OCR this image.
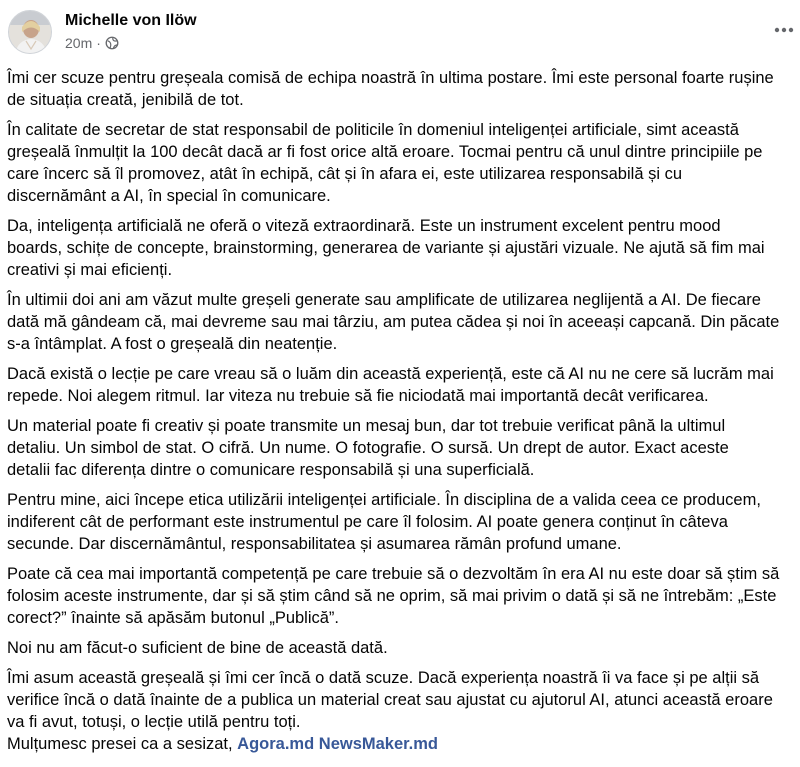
Michelle von Ilöw
20m ·

Îmi cer scuze pentru greșeala comisă de echipa noastră în ultima postare. Îmi este personal foarte rușine
de situația creată, jenibilă de tot.

În calitate de secretar de stat responsabil de politicile în domeniul inteligenței artificiale, simt această
greșeală înmulțit la 100 decât dacă ar fi fost orice altă eroare. Tocmai pentru că unul dintre principiile pe
care încerc să îl promovez, atât în echipă, cât și în afara ei, este utilizarea responsabilă și cu
discernământ a AI, în special în comunicare.

Da, inteligența artificială ne oferă o viteză extraordinară. Este un instrument excelent pentru mood
boards, schițe de concepte, brainstorming, generarea de variante și ajustări vizuale. Ne ajută să fim mai
creativi și mai eficienți.

În ultimii doi ani am văzut multe greșeli generate sau amplificate de utilizarea neglijentă a AI. De fiecare
dată mă gândeam că, mai devreme sau mai târziu, am putea cădea și noi în aceeași capcană. Din păcate
s-a întâmplat. A fost o greșeală din neatenție.

Dacă există o lecție pe care vreau să o luăm din această experiență, este că AI nu ne cere să lucrăm mai
repede. Noi alegem ritmul. Iar viteza nu trebuie să fie niciodată mai importantă decât verificarea.

Un material poate fi creativ și poate transmite un mesaj bun, dar tot trebuie verificat până la ultimul
detaliu. Un simbol de stat. O cifră. Un nume. O fotografie. O sursă. Un drept de autor. Exact aceste
detalii fac diferența dintre o comunicare responsabilă și una superficială.

Pentru mine, aici începe etica utilizării inteligenței artificiale. În disciplina de a valida ceea ce producem,
indiferent cât de performant este instrumentul pe care îl folosim. AI poate genera conținut în câteva
secunde. Dar discernământul, responsabilitatea și asumarea rămân profund umane.

Poate că cea mai importantă competență pe care trebuie să o dezvoltăm în era AI nu este doar să știm să
folosim aceste instrumente, dar și să știm când să ne oprim, să mai privim o dată și să ne întrebăm: „Este
corect?” înainte să apăsăm butonul „Publică”.

Noi nu am făcut-o suficient de bine de această dată.

Îmi asum această greșeală și îmi cer încă o dată scuze. Dacă experiența noastră îi va face și pe alții să
verifice încă o dată înainte de a publica un material creat sau ajustat cu ajutorul AI, atunci această eroare
va fi avut, totuși, o lecție utilă pentru toți.
Mulțumesc presei ca a sesizat, Agora.md NewsMaker.md
